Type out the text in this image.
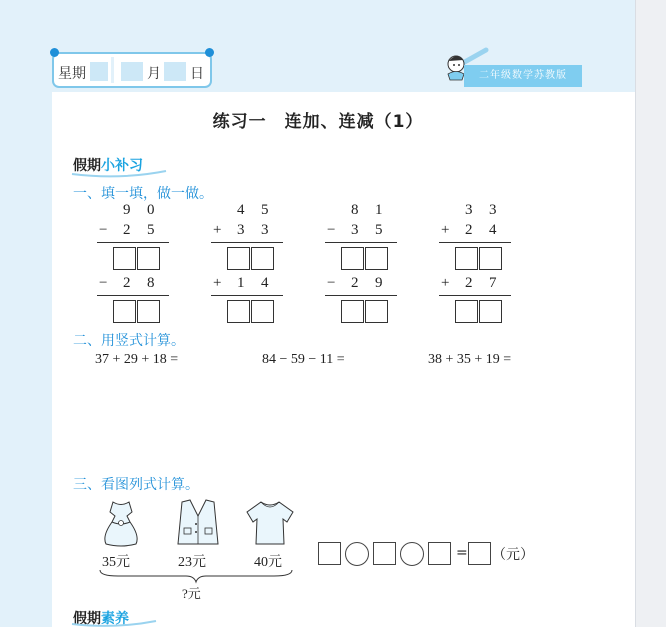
星期	月 日	二年级数学苏教版
练习一　连加、连减（1）
假期小补习
一、填一填，做一做。
9 0
− 2 5
− 2 8
4 5
+ 3 3
+ 1 4
8 1
− 3 5
− 2 9
3 3
+ 2 4
+ 2 7
二、用竖式计算。
37 + 29 + 18 =	84 − 59 − 11 =	38 + 35 + 19 =
三、看图列式计算。
35元	23元	40元
?元
= （元）
假期素养
